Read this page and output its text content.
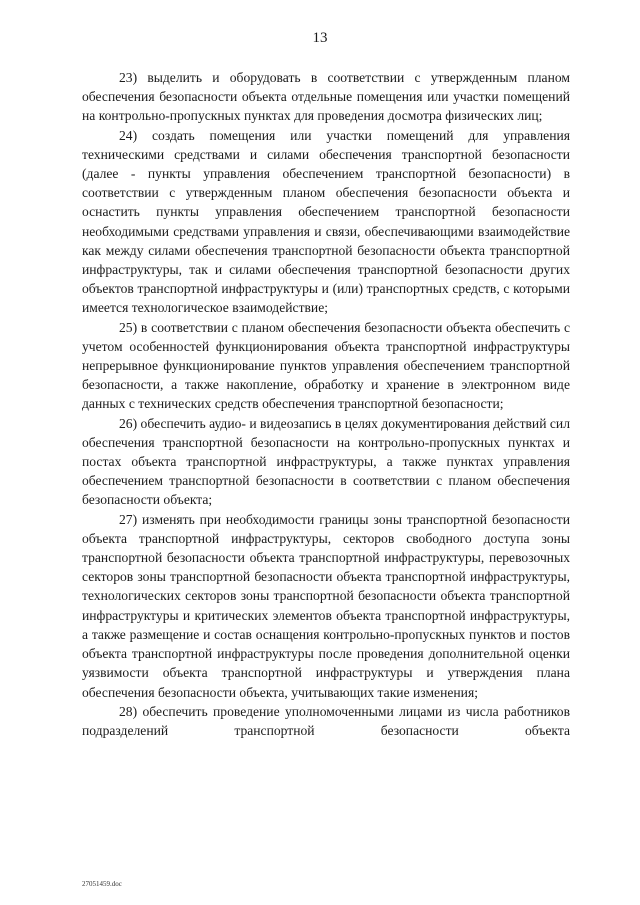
13

23) выделить и оборудовать в соответствии с утвержденным планом обеспечения безопасности объекта отдельные помещения или участки помещений на контрольно-пропускных пунктах для проведения досмотра физических лиц;

24) создать помещения или участки помещений для управления техническими средствами и силами обеспечения транспортной безопасности (далее - пункты управления обеспечением транспортной безопасности) в соответствии с утвержденным планом обеспечения безопасности объекта и оснастить пункты управления обеспечением транспортной безопасности необходимыми средствами управления и связи, обеспечивающими взаимодействие как между силами обеспечения транспортной безопасности объекта транспортной инфраструктуры, так и силами обеспечения транспортной безопасности других объектов транспортной инфраструктуры и (или) транспортных средств, с которыми имеется технологическое взаимодействие;

25) в соответствии с планом обеспечения безопасности объекта обеспечить с учетом особенностей функционирования объекта транспортной инфраструктуры непрерывное функционирование пунктов управления обеспечением транспортной безопасности, а также накопление, обработку и хранение в электронном виде данных с технических средств обеспечения транспортной безопасности;

26) обеспечить аудио- и видеозапись в целях документирования действий сил обеспечения транспортной безопасности на контрольно-пропускных пунктах и постах объекта транспортной инфраструктуры, а также пунктах управления обеспечением транспортной безопасности в соответствии с планом обеспечения безопасности объекта;

27) изменять при необходимости границы зоны транспортной безопасности объекта транспортной инфраструктуры, секторов свободного доступа зоны транспортной безопасности объекта транспортной инфраструктуры, перевозочных секторов зоны транспортной безопасности объекта транспортной инфраструктуры, технологических секторов зоны транспортной безопасности объекта транспортной инфраструктуры и критических элементов объекта транспортной инфраструктуры, а также размещение и состав оснащения контрольно-пропускных пунктов и постов объекта транспортной инфраструктуры после проведения дополнительной оценки уязвимости объекта транспортной инфраструктуры и утверждения плана обеспечения безопасности объекта, учитывающих такие изменения;

28) обеспечить проведение уполномоченными лицами из числа работников подразделений транспортной безопасности объекта

27051459.doc
